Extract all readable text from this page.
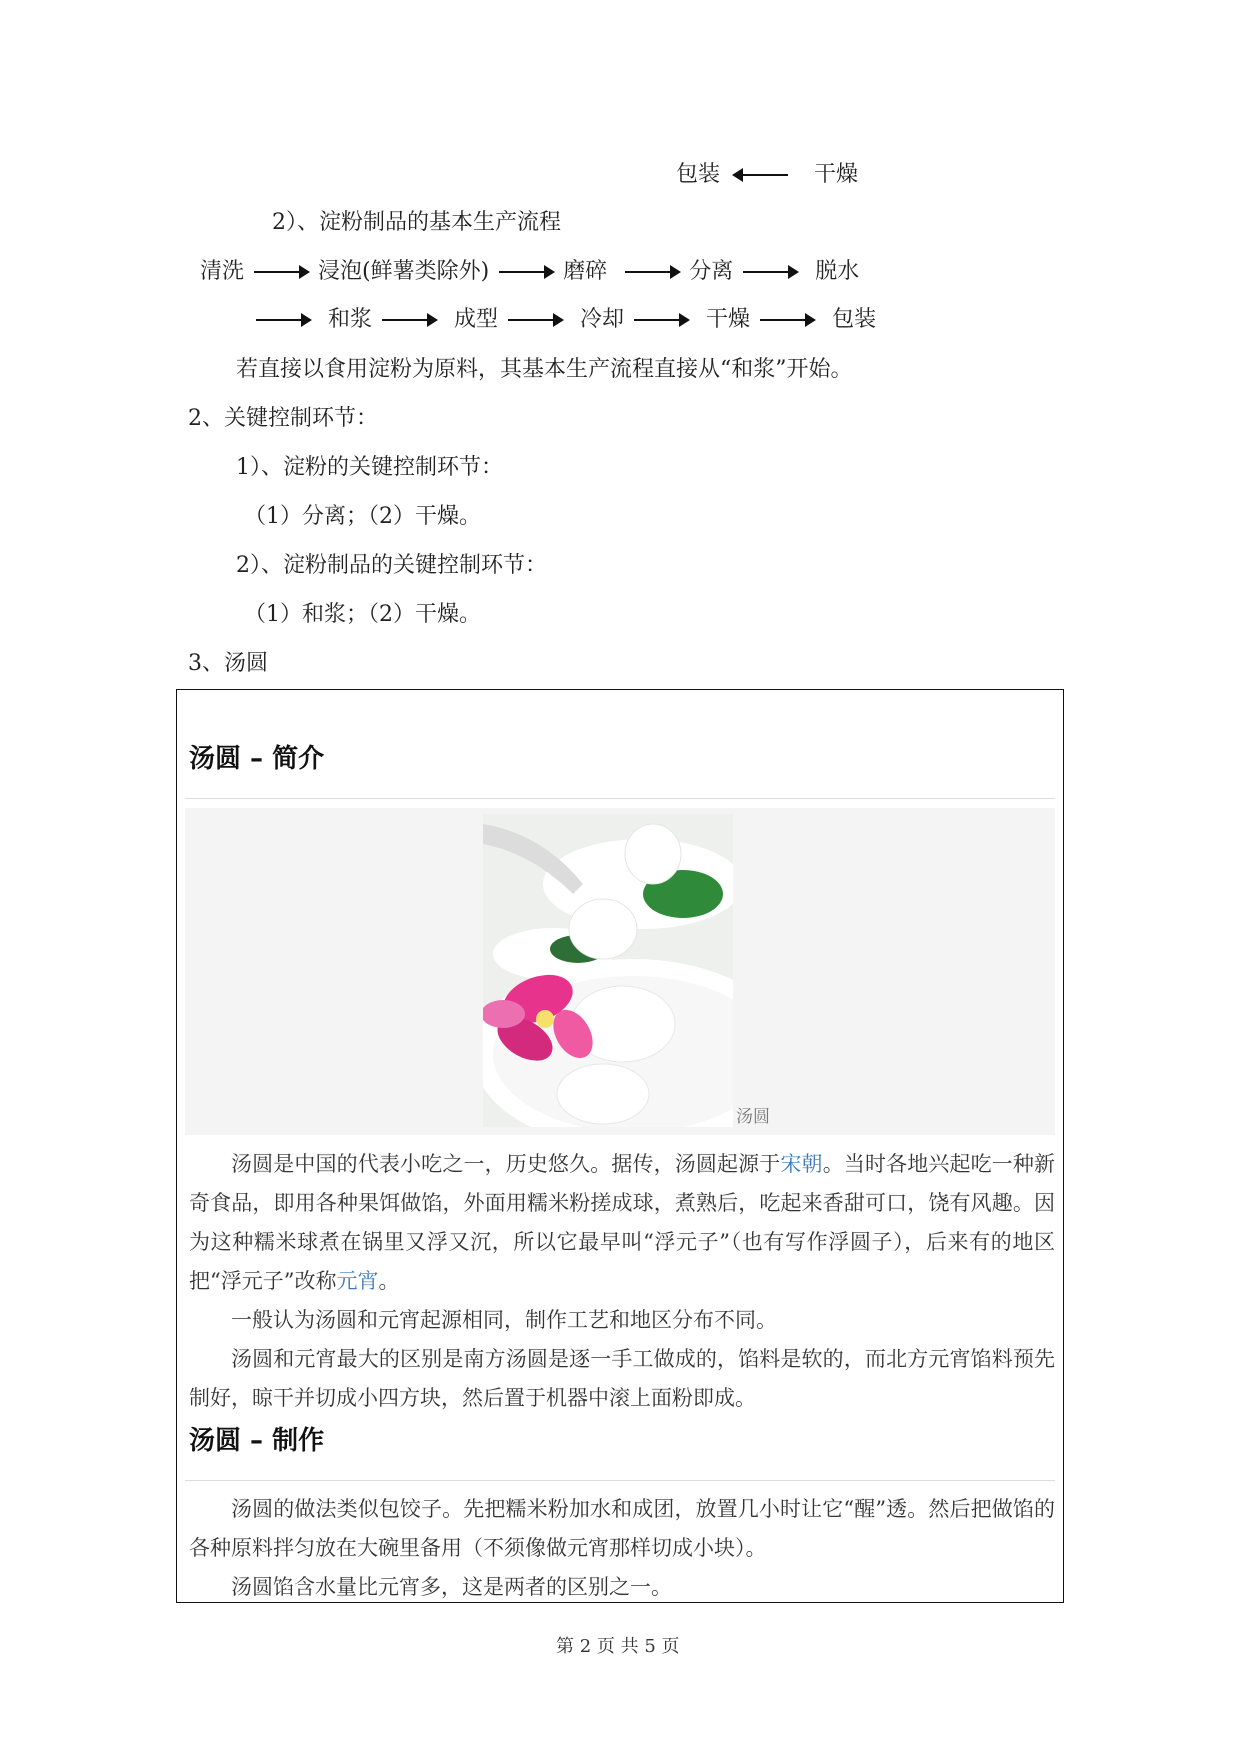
包装	干燥
2）、淀粉制品的基本生产流程
清洗	浸泡(鲜薯类除外)	磨碎	分离	脱水
和浆	成型	冷却	干燥	包装
若直接以食用淀粉为原料，其基本生产流程直接从“和浆”开始。
2、关键控制环节：
1）、淀粉的关键控制环节：
（1）分离；（2）干燥。
2）、淀粉制品的关键控制环节：
（1）和浆；（2）干燥。
3、汤圆
汤圆 – 简介
汤圆
汤圆是中国的代表小吃之一，历史悠久。据传，汤圆起源于宋朝。当时各地兴起吃一种新奇食品，即用各种果饵做馅，外面用糯米粉搓成球，煮熟后，吃起来香甜可口，饶有风趣。因为这种糯米球煮在锅里又浮又沉，所以它最早叫“浮元子”（也有写作浮圆子），后来有的地区把“浮元子”改称元宵。
一般认为汤圆和元宵起源相同，制作工艺和地区分布不同。
汤圆和元宵最大的区别是南方汤圆是逐一手工做成的，馅料是软的，而北方元宵馅料预先制好，晾干并切成小四方块，然后置于机器中滚上面粉即成。
汤圆 – 制作
汤圆的做法类似包饺子。先把糯米粉加水和成团，放置几小时让它“醒”透。然后把做馅的各种原料拌匀放在大碗里备用（不须像做元宵那样切成小块）。
汤圆馅含水量比元宵多，这是两者的区别之一。
第 2 页 共 5 页
